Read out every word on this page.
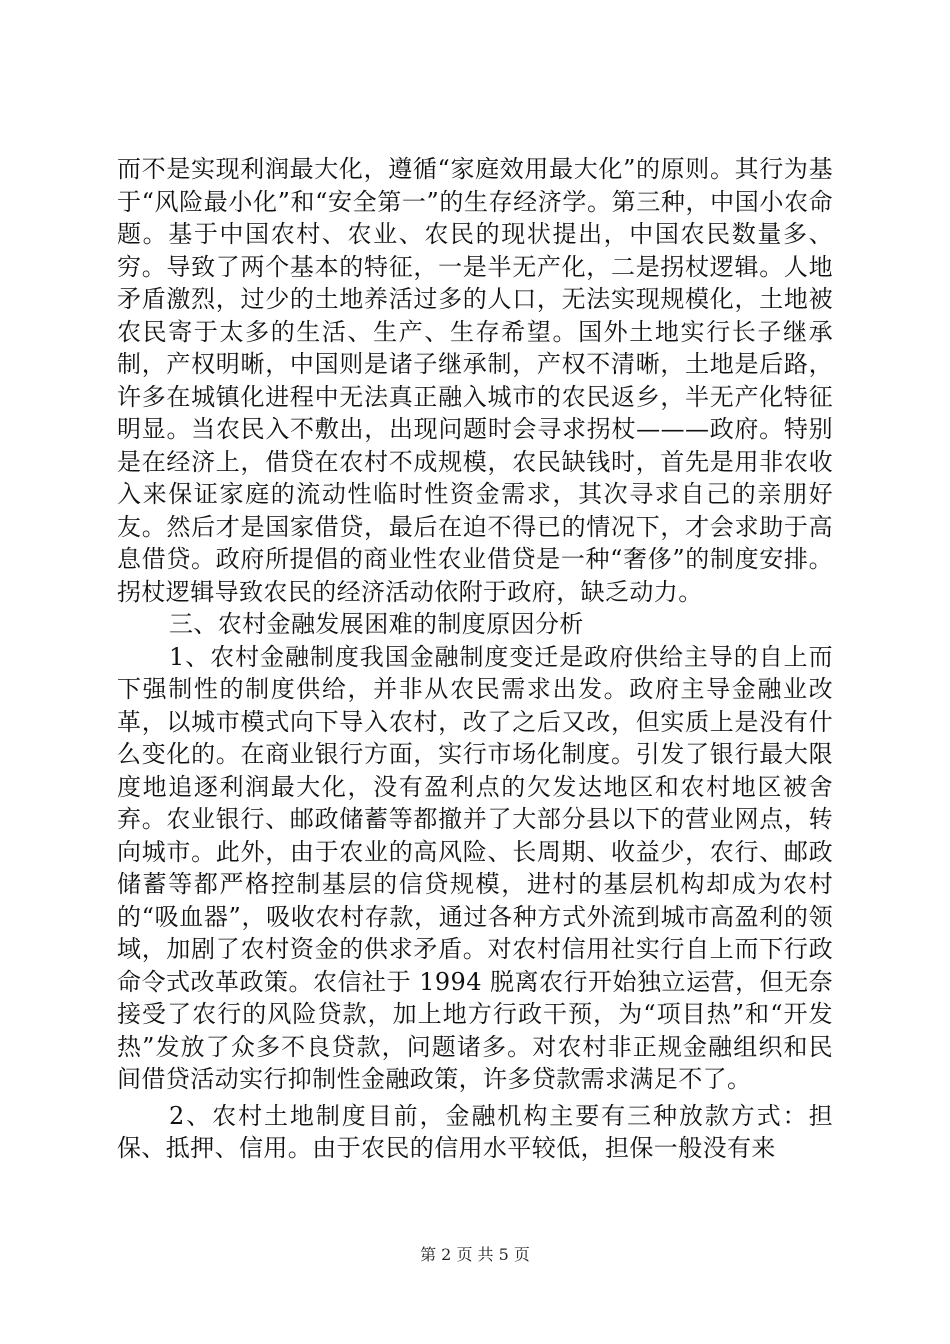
而不是实现利润最大化，遵循“家庭效用最大化”的原则。其行为基于“风险最小化”和“安全第一”的生存经济学。第三种，中国小农命题。基于中国农村、农业、农民的现状提出，中国农民数量多、穷。导致了两个基本的特征，一是半无产化，二是拐杖逻辑。人地矛盾激烈，过少的土地养活过多的人口，无法实现规模化，土地被农民寄于太多的生活、生产、生存希望。国外土地实行长子继承制，产权明晰，中国则是诸子继承制，产权不清晰，土地是后路，许多在城镇化进程中无法真正融入城市的农民返乡，半无产化特征明显。当农民入不敷出，出现问题时会寻求拐杖———政府。特别是在经济上，借贷在农村不成规模，农民缺钱时，首先是用非农收入来保证家庭的流动性临时性资金需求，其次寻求自己的亲朋好友。然后才是国家借贷，最后在迫不得已的情况下，才会求助于高息借贷。政府所提倡的商业性农业借贷是一种“奢侈”的制度安排。拐杖逻辑导致农民的经济活动依附于政府，缺乏动力。

三、农村金融发展困难的制度原因分析

1、农村金融制度我国金融制度变迁是政府供给主导的自上而下强制性的制度供给，并非从农民需求出发。政府主导金融业改革，以城市模式向下导入农村，改了之后又改，但实质上是没有什么变化的。在商业银行方面，实行市场化制度。引发了银行最大限度地追逐利润最大化，没有盈利点的欠发达地区和农村地区被舍弃。农业银行、邮政储蓄等都撤并了大部分县以下的营业网点，转向城市。此外，由于农业的高风险、长周期、收益少，农行、邮政储蓄等都严格控制基层的信贷规模，进村的基层机构却成为农村的“吸血器”，吸收农村存款，通过各种方式外流到城市高盈利的领域，加剧了农村资金的供求矛盾。对农村信用社实行自上而下行政命令式改革政策。农信社于 1994 脱离农行开始独立运营，但无奈接受了农行的风险贷款，加上地方行政干预，为“项目热”和“开发热”发放了众多不良贷款，问题诸多。对农村非正规金融组织和民间借贷活动实行抑制性金融政策，许多贷款需求满足不了。

2、农村土地制度目前，金融机构主要有三种放款方式：担保、抵押、信用。由于农民的信用水平较低，担保一般没有来

第 2 页 共 5 页
